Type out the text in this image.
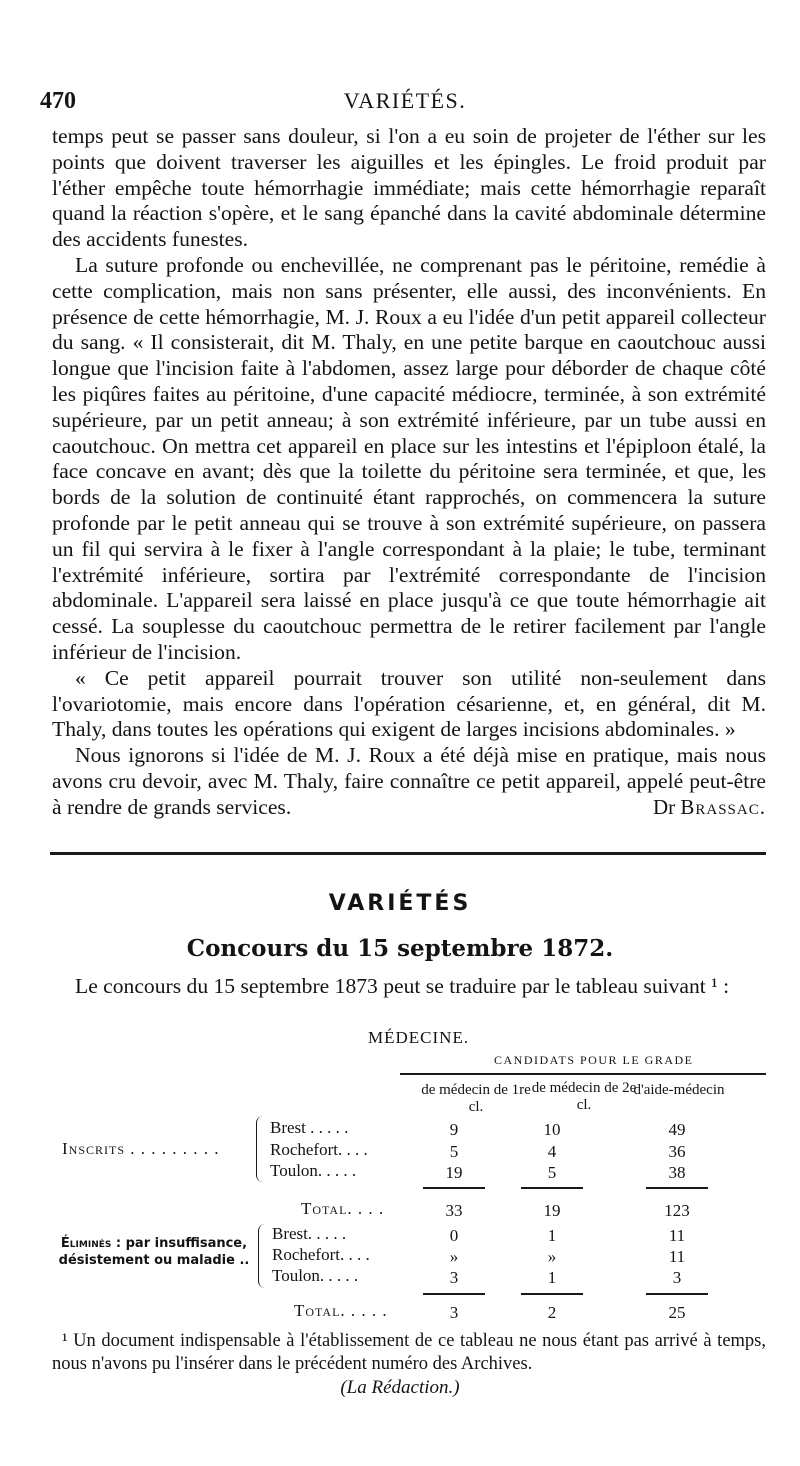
470	VARIÉTÉS.

temps peut se passer sans douleur, si l'on a eu soin de projeter de l'éther sur les points que doivent traverser les aiguilles et les épingles. Le froid produit par l'éther empêche toute hémorrhagie immédiate; mais cette hémorrhagie reparaît quand la réaction s'opère, et le sang épanché dans la cavité abdominale détermine des accidents funestes.

La suture profonde ou enchevillée, ne comprenant pas le péritoine, remédie à cette complication, mais non sans présenter, elle aussi, des inconvénients. En présence de cette hémorrhagie, M. J. Roux a eu l'idée d'un petit appareil collecteur du sang. « Il consisterait, dit M. Thaly, en une petite barque en caoutchouc aussi longue que l'incision faite à l'abdomen, assez large pour déborder de chaque côté les piqûres faites au péritoine, d'une capacité médiocre, terminée, à son extrémité supérieure, par un petit anneau; à son extrémité inférieure, par un tube aussi en caoutchouc. On mettra cet appareil en place sur les intestins et l'épiploon étalé, la face concave en avant; dès que la toilette du péritoine sera terminée, et que, les bords de la solution de continuité étant rapprochés, on commencera la suture profonde par le petit anneau qui se trouve à son extrémité supérieure, on passera un fil qui servira à le fixer à l'angle correspondant à la plaie; le tube, terminant l'extrémité inférieure, sortira par l'extrémité correspondante de l'incision abdominale. L'appareil sera laissé en place jusqu'à ce que toute hémorrhagie ait cessé. La souplesse du caoutchouc permettra de le retirer facilement par l'angle inférieur de l'incision.

« Ce petit appareil pourrait trouver son utilité non-seulement dans l'ovariotomie, mais encore dans l'opération césarienne, et, en général, dit M. Thaly, dans toutes les opérations qui exigent de larges incisions abdominales. »

Nous ignorons si l'idée de M. J. Roux a été déjà mise en pratique, mais nous avons cru devoir, avec M. Thaly, faire connaître ce petit appareil, appelé peut-être à rendre de grands services.	Dr Brassac.

VARIÉTÉS
Concours du 15 septembre 1872.
Le concours du 15 septembre 1873 peut se traduire par le tableau suivant ¹ :
MÉDECINE.
CANDIDATS POUR LE GRADE
de médecin de 1re cl.
de médecin de 2e cl.
d'aide-médecin
Inscrits . . . . . . . . .
Brest . . . . .	9	10	49
Rochefort. . . .	5	4	36
Toulon. . . . .	19	5	38
Total. . . .	33	19	123
Éliminés : par insuffisance,
désistement ou maladie ..
Brest. . . . .	0	1	11
Rochefort. . . .	»	»	11
Toulon. . . . .	3	1	3
Total. . . . .	3	2	25
¹ Un document indispensable à l'établissement de ce tableau ne nous étant pas arrivé à temps, nous n'avons pu l'insérer dans le précédent numéro des Archives.
(La Rédaction.)
